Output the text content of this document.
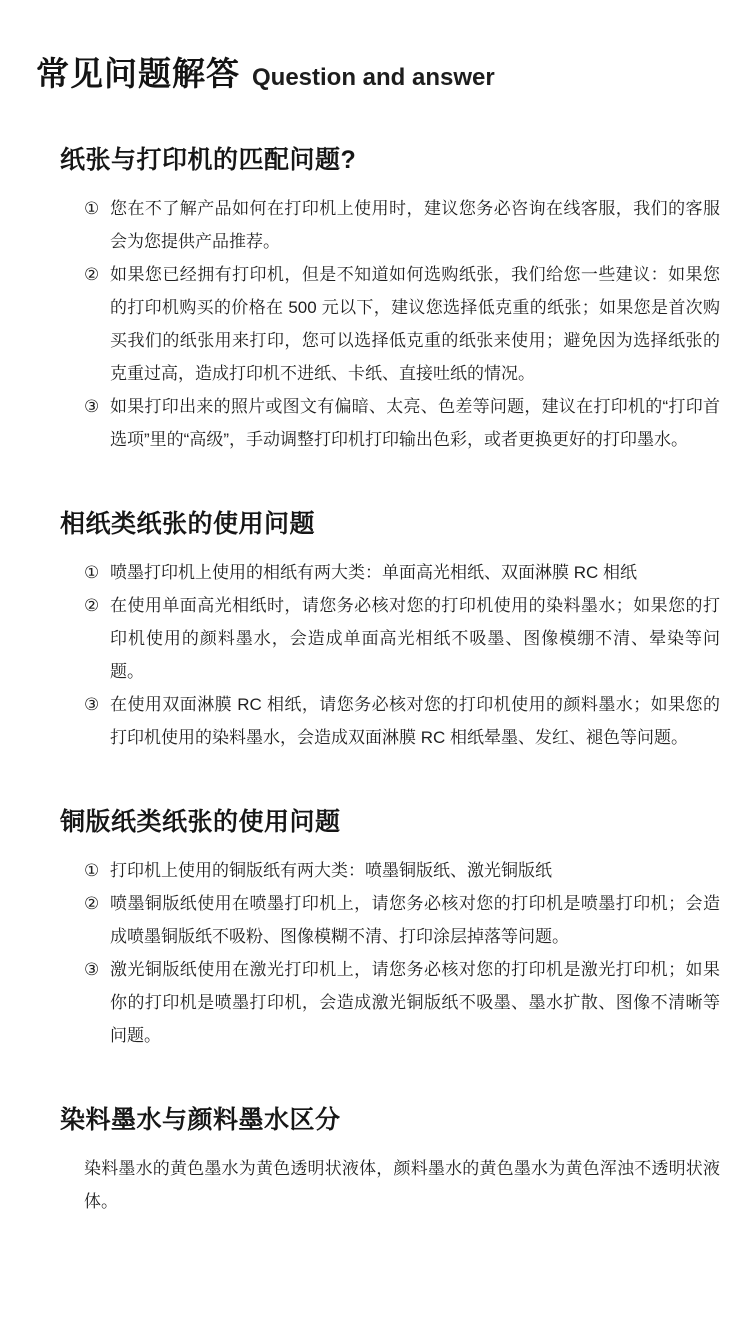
常见问题解答 Question and answer
纸张与打印机的匹配问题?
① 您在不了解产品如何在打印机上使用时，建议您务必咨询在线客服，我们的客服会为您提供产品推荐。
② 如果您已经拥有打印机，但是不知道如何选购纸张，我们给您一些建议：如果您的打印机购买的价格在 500 元以下，建议您选择低克重的纸张；如果您是首次购买我们的纸张用来打印，您可以选择低克重的纸张来使用；避免因为选择纸张的克重过高，造成打印机不进纸、卡纸、直接吐纸的情况。
③ 如果打印出来的照片或图文有偏暗、太亮、色差等问题，建议在打印机的“打印首选项”里的“高级”，手动调整打印机打印输出色彩，或者更换更好的打印墨水。
相纸类纸张的使用问题
① 喷墨打印机上使用的相纸有两大类：单面高光相纸、双面淋膜 RC 相纸
② 在使用单面高光相纸时，请您务必核对您的打印机使用的染料墨水；如果您的打印机使用的颜料墨水，会造成单面高光相纸不吸墨、图像模绷不清、晕染等问题。
③ 在使用双面淋膜 RC 相纸，请您务必核对您的打印机使用的颜料墨水；如果您的打印机使用的染料墨水，会造成双面淋膜 RC 相纸晕墨、发红、褪色等问题。
铜版纸类纸张的使用问题
① 打印机上使用的铜版纸有两大类：喷墨铜版纸、激光铜版纸
② 喷墨铜版纸使用在喷墨打印机上，请您务必核对您的打印机是喷墨打印机；会造成喷墨铜版纸不吸粉、图像模糊不清、打印涂层掉落等问题。
③ 激光铜版纸使用在激光打印机上，请您务必核对您的打印机是激光打印机；如果你的打印机是喷墨打印机，会造成激光铜版纸不吸墨、墨水扩散、图像不清晰等问题。
染料墨水与颜料墨水区分

染料墨水的黄色墨水为黄色透明状液体，颜料墨水的黄色墨水为黄色浑浊不透明状液体。
